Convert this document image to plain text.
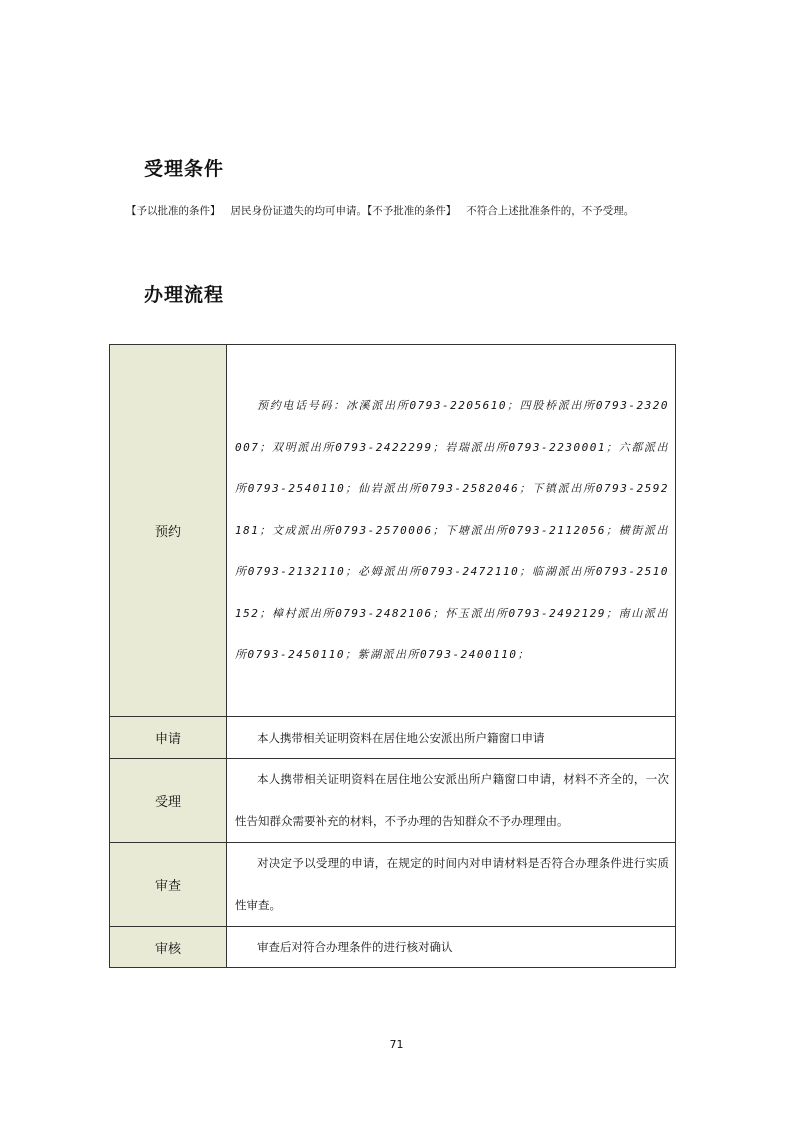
受理条件
【予以批准的条件】 居民身份证遗失的均可申请。【不予批准的条件】 不符合上述批准条件的，不予受理。
办理流程
预约	预约电话号码：冰溪派出所0793-2205610；四股桥派出所0793-2320007；双明派出所0793-2422299；岩瑞派出所0793-2230001；六都派出所0793-2540110；仙岩派出所0793-2582046；下镇派出所0793-2592181；文成派出所0793-2570006；下塘派出所0793-2112056；横街派出所0793-2132110；必姆派出所0793-2472110；临湖派出所0793-2510152；樟村派出所0793-2482106；怀玉派出所0793-2492129；南山派出所0793-2450110；紫湖派出所0793-2400110；

申请	本人携带相关证明资料在居住地公安派出所户籍窗口申请

受理	本人携带相关证明资料在居住地公安派出所户籍窗口申请，材料不齐全的，一次性告知群众需要补充的材料，不予办理的告知群众不予办理理由。

审查	对决定予以受理的申请，在规定的时间内对申请材料是否符合办理条件进行实质性审查。

审核	审查后对符合办理条件的进行核对确认

71
